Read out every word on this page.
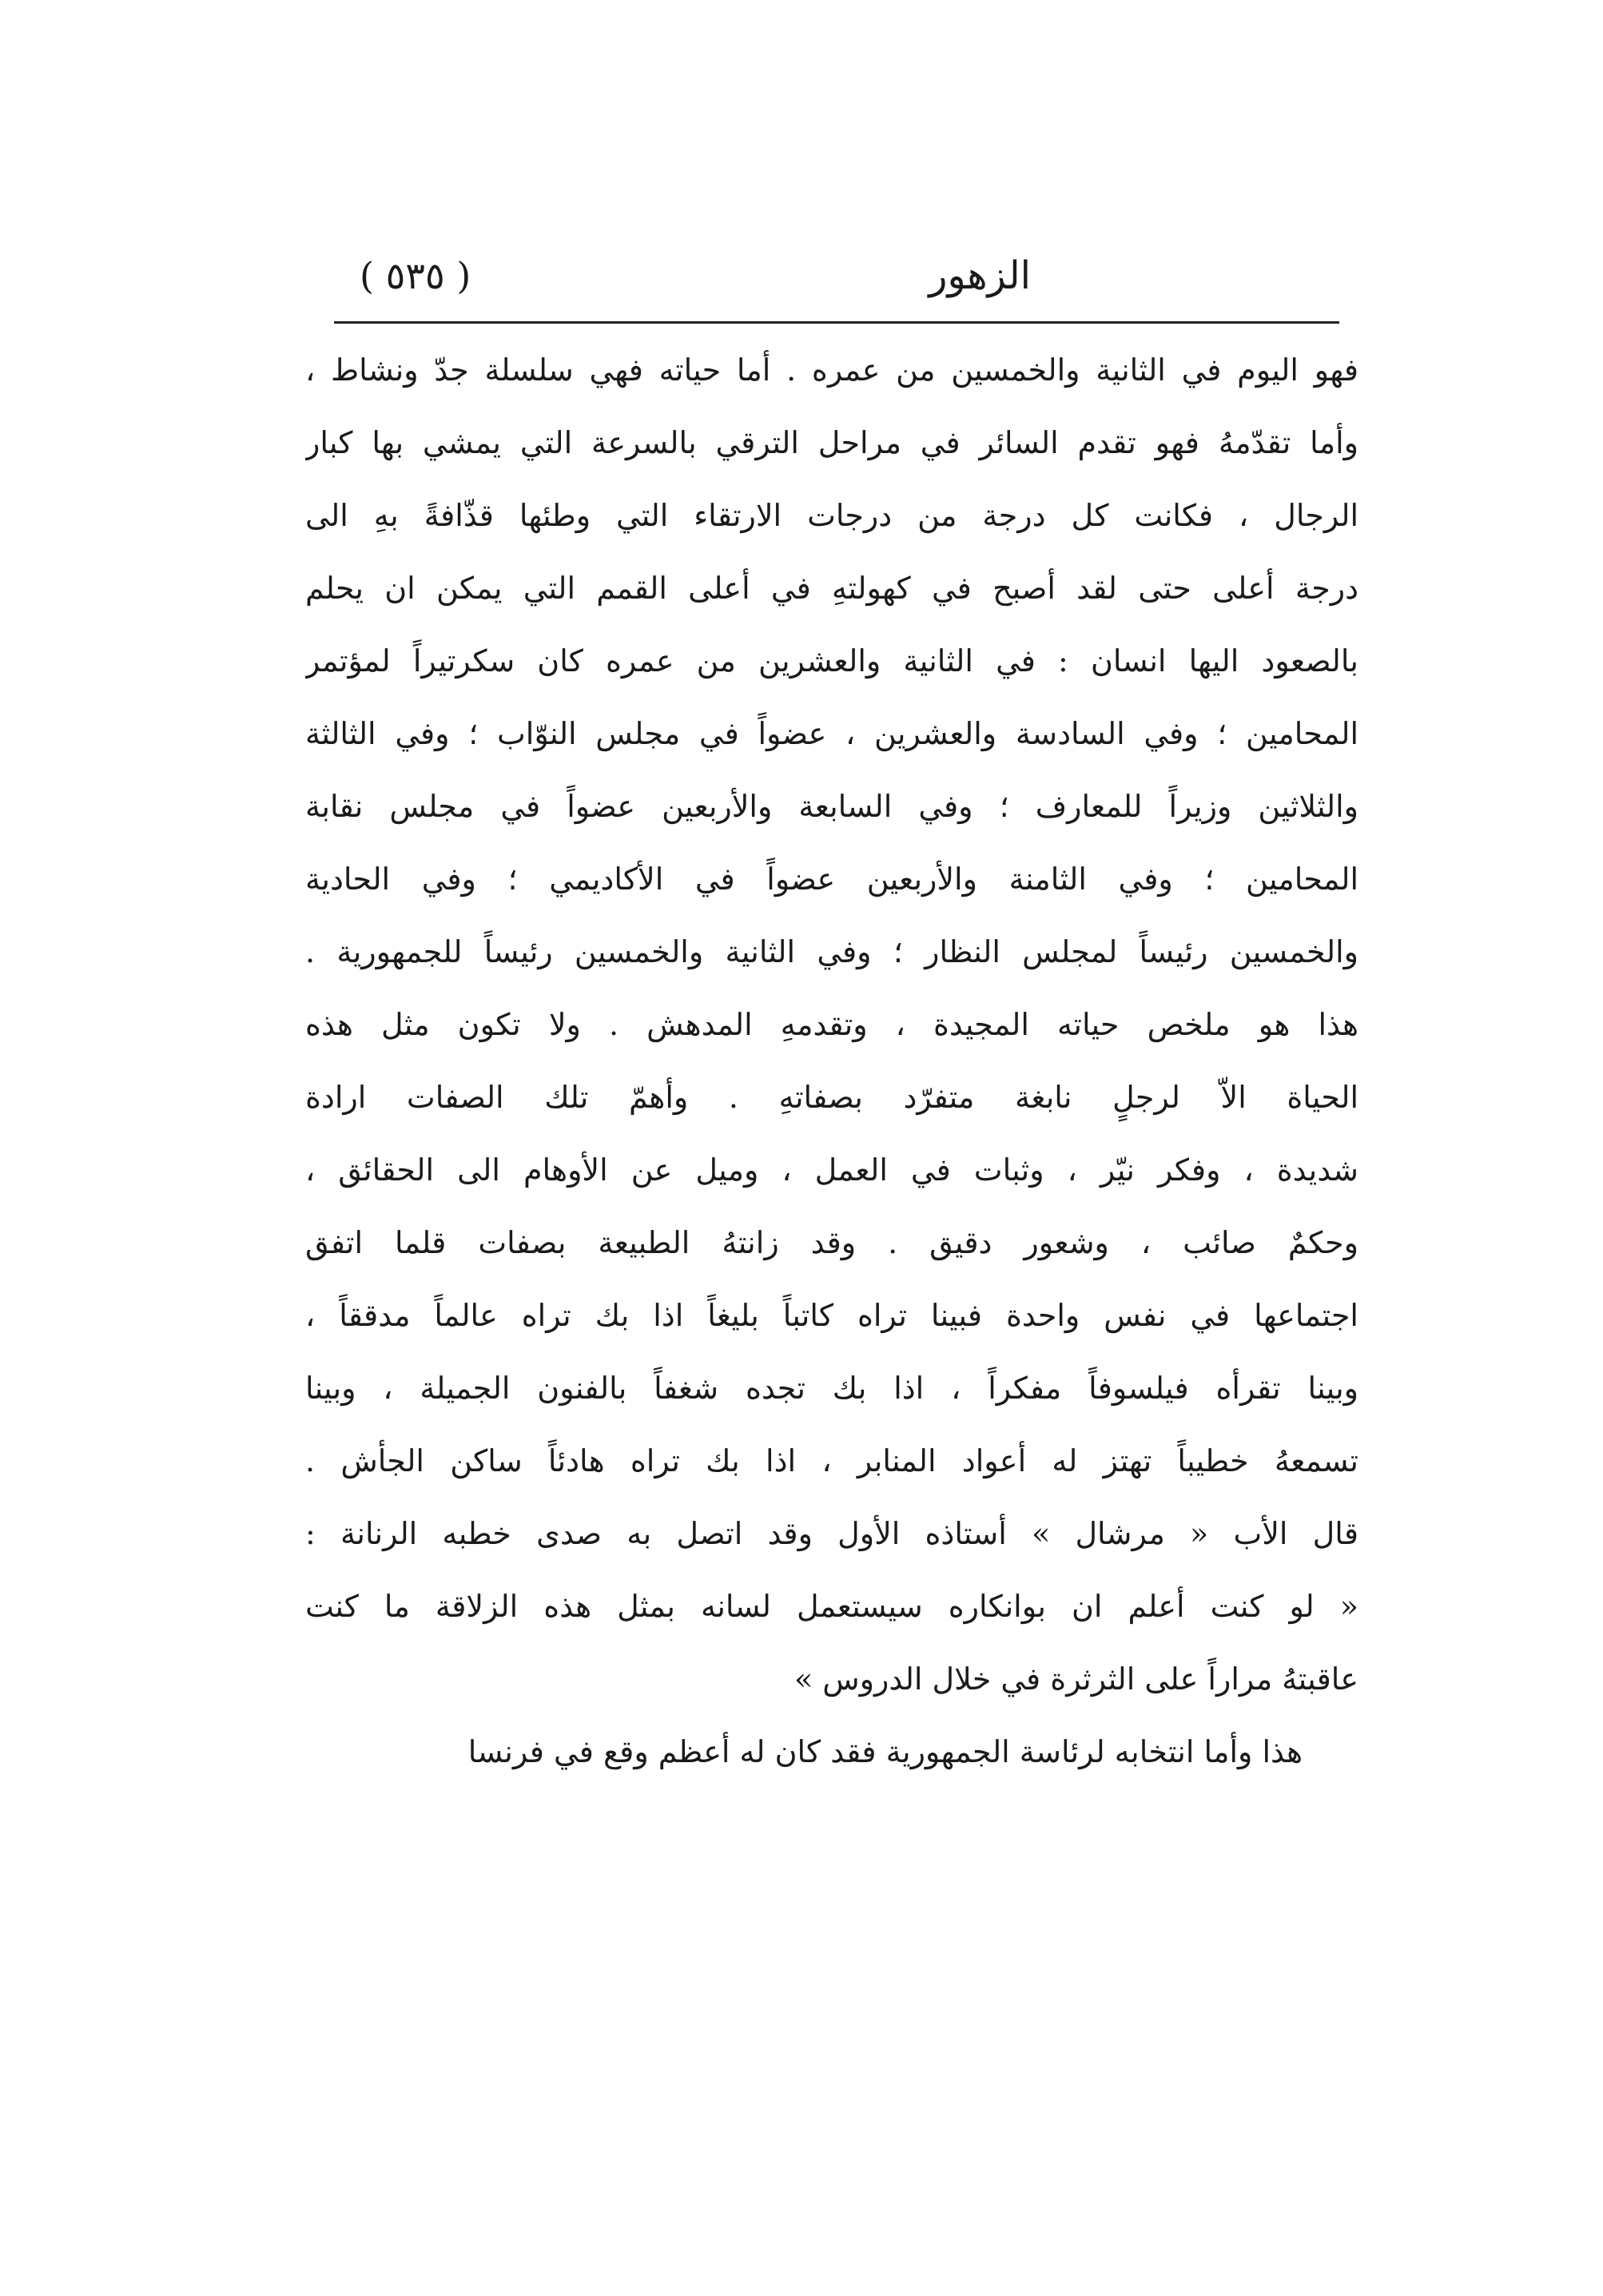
الزهور
( ٥٣٥ )
فهو اليوم في الثانية والخمسين من عمره . أما حياته فهي سلسلة جدّ ونشاط ،
وأما تقدّمهُ فهو تقدم السائر في مراحل الترقي بالسرعة التي يمشي بها كبار
الرجال ، فكانت كل درجة من درجات الارتقاء التي وطئها قذّافةً بهِ الى
درجة أعلى حتى لقد أصبح في كهولتهِ في أعلى القمم التي يمكن ان يحلم
بالصعود اليها انسان : في الثانية والعشرين من عمره كان سكرتيراً لمؤتمر
المحامين ؛ وفي السادسة والعشرين ، عضواً في مجلس النوّاب ؛ وفي الثالثة
والثلاثين وزيراً للمعارف ؛ وفي السابعة والأربعين عضواً في مجلس نقابة
المحامين ؛ وفي الثامنة والأربعين عضواً في الأكاديمي ؛ وفي الحادية
والخمسين رئيساً لمجلس النظار ؛ وفي الثانية والخمسين رئيساً للجمهورية .
هذا هو ملخص حياته المجيدة ، وتقدمهِ المدهش . ولا تكون مثل هذه
الحياة الاّ لرجلٍ نابغة متفرّد بصفاتهِ . وأهمّ تلك الصفات ارادة
شديدة ، وفكر نيّر ، وثبات في العمل ، وميل عن الأوهام الى الحقائق ،
وحكمٌ صائب ، وشعور دقيق . وقد زانتهُ الطبيعة بصفات قلما اتفق
اجتماعها في نفس واحدة فبينا تراه كاتباً بليغاً اذا بك تراه عالماً مدققاً ،
وبينا تقرأه فيلسوفاً مفكراً ، اذا بك تجده شغفاً بالفنون الجميلة ، وبينا
تسمعهُ خطيباً تهتز له أعواد المنابر ، اذا بك تراه هادئاً ساكن الجأش .
قال الأب « مرشال » أستاذه الأول وقد اتصل به صدى خطبه الرنانة :
« لو كنت أعلم ان بوانكاره سيستعمل لسانه بمثل هذه الزلاقة ما كنت
عاقبتهُ مراراً على الثرثرة في خلال الدروس »
هذا وأما انتخابه لرئاسة الجمهورية فقد كان له أعظم وقع في فرنسا
